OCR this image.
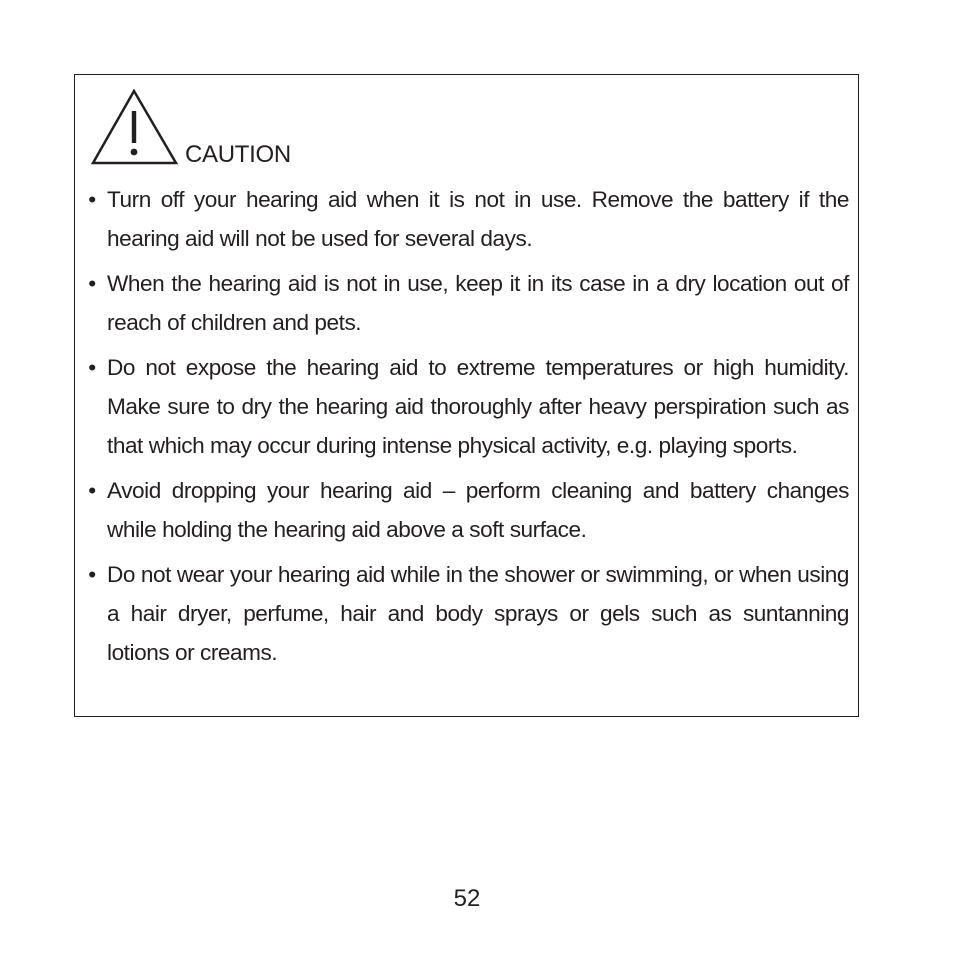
CAUTION
• Turn off your hearing aid when it is not in use. Remove the battery if the hearing aid will not be used for several days.
• When the hearing aid is not in use, keep it in its case in a dry location out of reach of children and pets.
• Do not expose the hearing aid to extreme temperatures or high humidity. Make sure to dry the hearing aid thoroughly after heavy perspiration such as that which may occur during intense physical activity, e.g. playing sports.
• Avoid dropping your hearing aid – perform cleaning and battery changes while holding the hearing aid above a soft surface.
• Do not wear your hearing aid while in the shower or swimming, or when using a hair dryer, perfume, hair and body sprays or gels such as suntanning lotions or creams.
52
